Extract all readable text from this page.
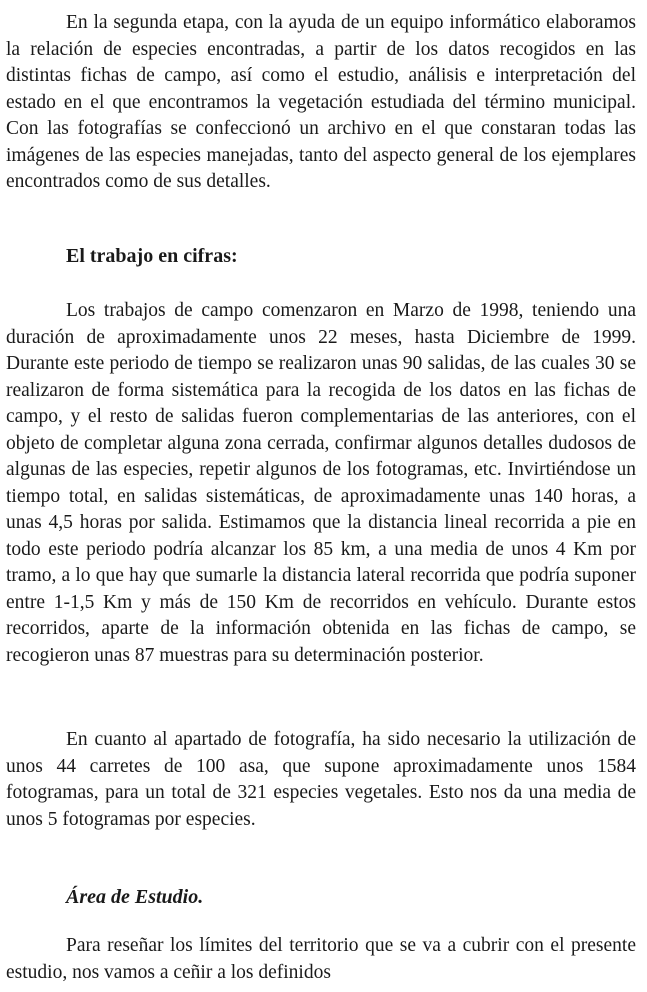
En la segunda etapa, con la ayuda de un equipo informático elaboramos la relación de especies encontradas, a partir de los datos recogidos en las distintas fichas de campo, así como el estudio, análisis e interpretación del estado en el que encontramos la vegetación estudiada del término municipal. Con las fotografías se confeccionó un archivo en el que constaran todas las imágenes de las especies manejadas, tanto del aspecto general de los ejemplares encontrados como de sus detalles.

El trabajo en cifras:

Los trabajos de campo comenzaron en Marzo de 1998, teniendo una duración de aproximadamente unos 22 meses, hasta Diciembre de 1999. Durante este periodo de tiempo se realizaron unas 90 salidas, de las cuales 30 se realizaron de forma sistemática para la recogida de los datos en las fichas de campo, y el resto de salidas fueron complementarias de las anteriores, con el objeto de completar alguna zona cerrada, confirmar algunos detalles dudosos de algunas de las especies, repetir algunos de los fotogramas, etc. Invirtiéndose un tiempo total, en salidas sistemáticas, de aproximadamente unas 140 horas, a unas 4,5 horas por salida. Estimamos que la distancia lineal recorrida a pie en todo este periodo podría alcanzar los 85 km, a una media de unos 4 Km por tramo, a lo que hay que sumarle la distancia lateral recorrida que podría suponer entre 1-1,5 Km y más de 150 Km de recorridos en vehículo. Durante estos recorridos, aparte de la información obtenida en las fichas de campo, se recogieron unas 87 muestras para su determinación posterior.

En cuanto al apartado de fotografía, ha sido necesario la utilización de unos 44 carretes de 100 asa, que supone aproximadamente unos 1584 fotogramas, para un total de 321 especies vegetales. Esto nos da una media de unos 5 fotogramas por especies.

Área de Estudio.

Para reseñar los límites del territorio que se va a cubrir con el presente estudio, nos vamos a ceñir a los definidos
